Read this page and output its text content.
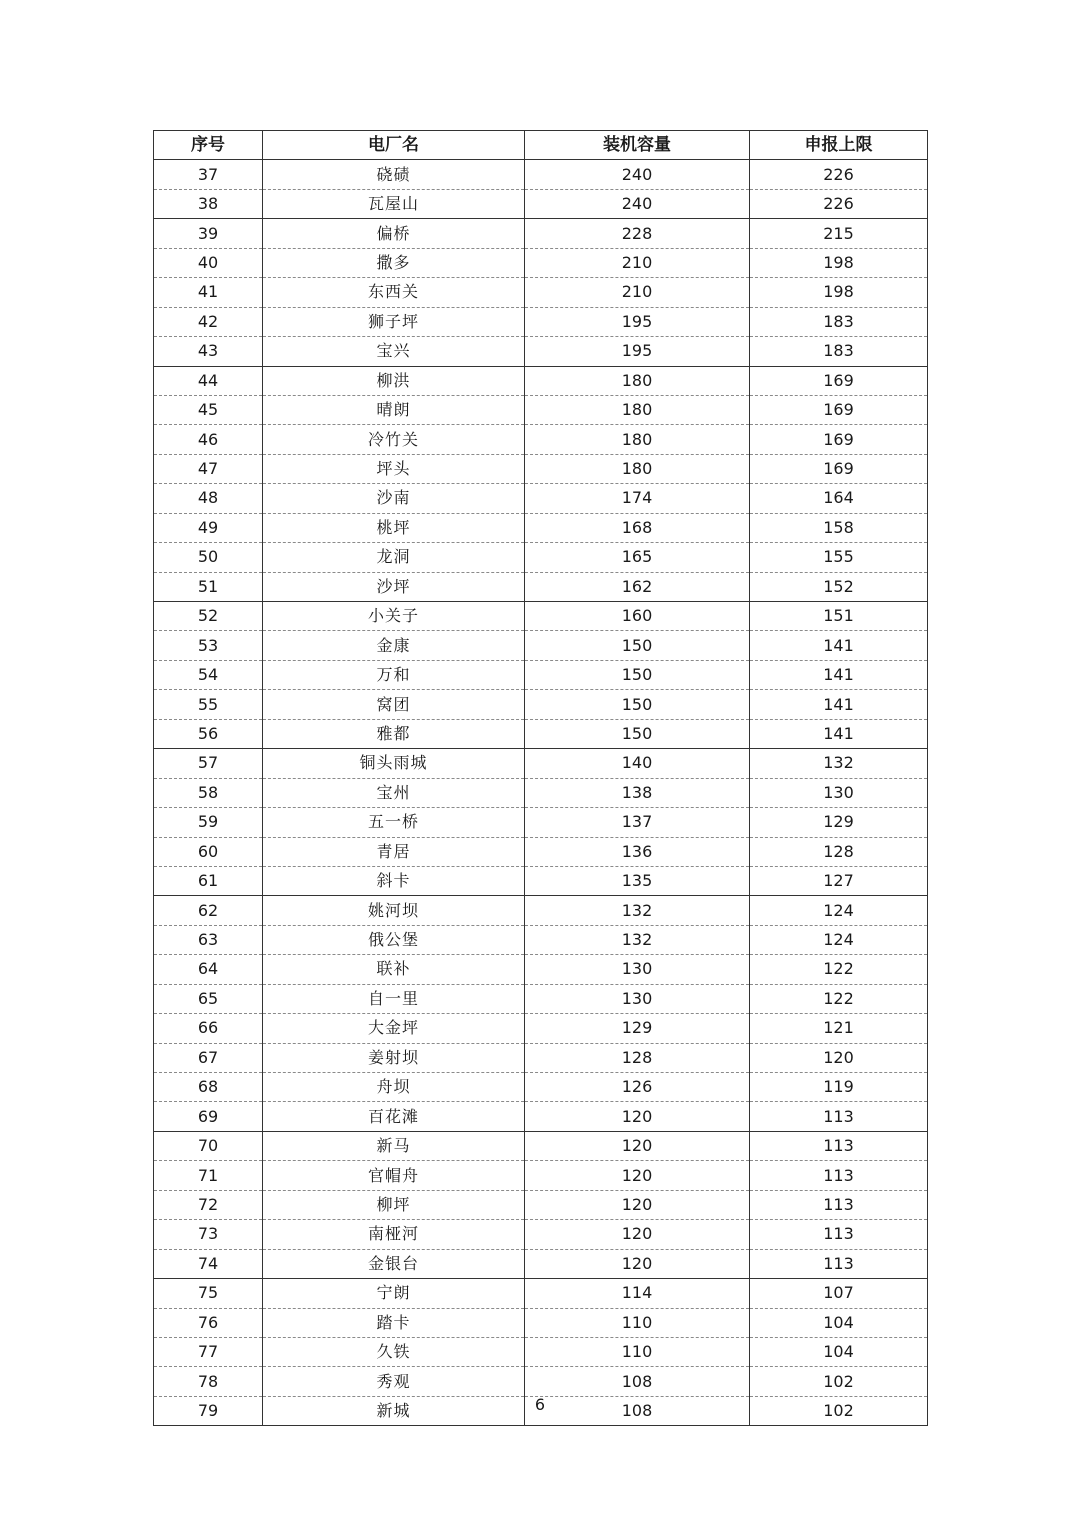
序号	电厂名	装机容量	申报上限
37	硗碛	240	226
38	瓦屋山	240	226
39	偏桥	228	215
40	撒多	210	198
41	东西关	210	198
42	狮子坪	195	183
43	宝兴	195	183
44	柳洪	180	169
45	晴朗	180	169
46	冷竹关	180	169
47	坪头	180	169
48	沙南	174	164
49	桃坪	168	158
50	龙洞	165	155
51	沙坪	162	152
52	小关子	160	151
53	金康	150	141
54	万和	150	141
55	窝团	150	141
56	雅都	150	141
57	铜头雨城	140	132
58	宝州	138	130
59	五一桥	137	129
60	青居	136	128
61	斜卡	135	127
62	姚河坝	132	124
63	俄公堡	132	124
64	联补	130	122
65	自一里	130	122
66	大金坪	129	121
67	姜射坝	128	120
68	舟坝	126	119
69	百花滩	120	113
70	新马	120	113
71	官帽舟	120	113
72	柳坪	120	113
73	南桠河	120	113
74	金银台	120	113
75	宁朗	114	107
76	踏卡	110	104
77	久铁	110	104
78	秀观	108	102
79	新城	108	102
6
